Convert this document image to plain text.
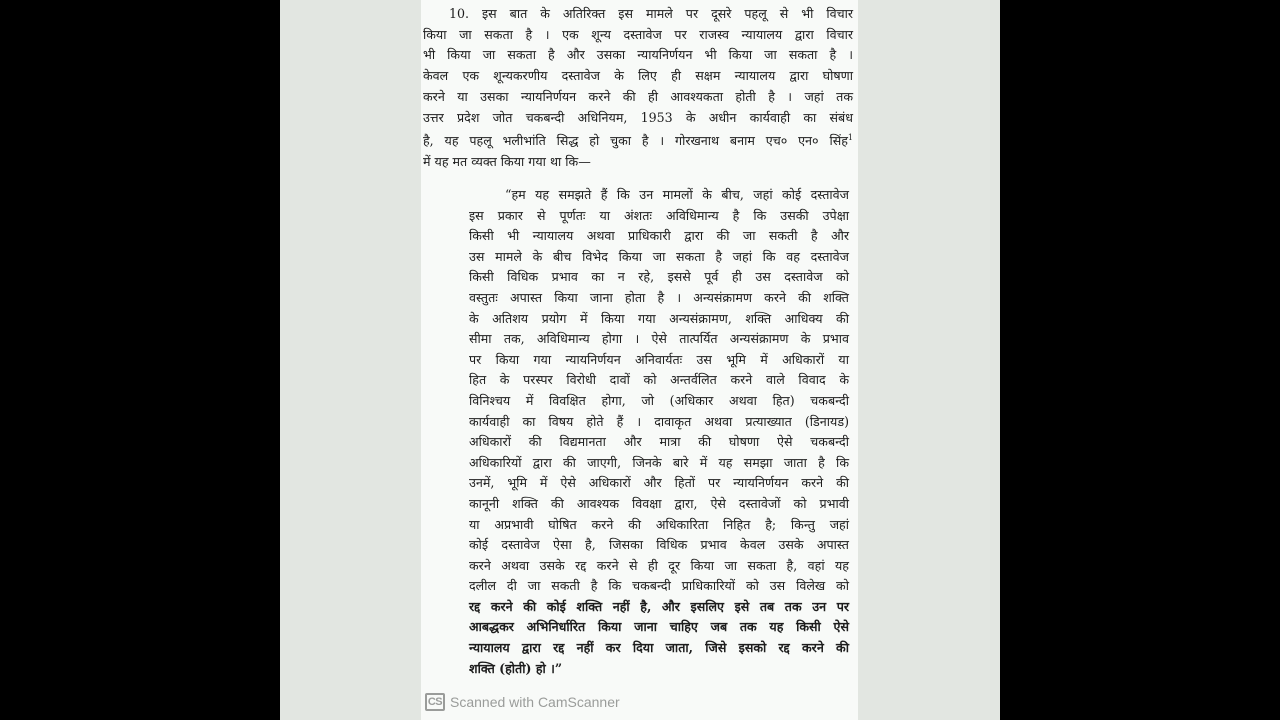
10. इस बात के अतिरिक्त इस मामले पर दूसरे पहलू से भी विचार
किया जा सकता है । एक शून्य दस्तावेज पर राजस्व न्यायालय द्वारा विचार
भी किया जा सकता है और उसका न्यायनिर्णयन भी किया जा सकता है ।
केवल एक शून्यकरणीय दस्तावेज के लिए ही सक्षम न्यायालय द्वारा घोषणा
करने या उसका न्यायनिर्णयन करने की ही आवश्यकता होती है । जहां तक
उत्तर प्रदेश जोत चकबन्दी अधिनियम, 1953 के अधीन कार्यवाही का संबंध
है, यह पहलू भलीभांति सिद्ध हो चुका है । गोरखनाथ बनाम एच० एन० सिंह$^1$
में यह मत व्यक्त किया गया था कि—
“हम यह समझते हैं कि उन मामलों के बीच, जहां कोई दस्तावेज
इस प्रकार से पूर्णतः या अंशतः अविधिमान्य है कि उसकी उपेक्षा
किसी भी न्यायालय अथवा प्राधिकारी द्वारा की जा सकती है और
उस मामले के बीच विभेद किया जा सकता है जहां कि वह दस्तावेज
किसी विधिक प्रभाव का न रहे, इससे पूर्व ही उस दस्तावेज को
वस्तुतः अपास्त किया जाना होता है । अन्यसंक्रामण करने की शक्ति
के अतिशय प्रयोग में किया गया अन्यसंक्रामण, शक्ति आधिक्य की
सीमा तक, अविधिमान्य होगा । ऐसे तात्पर्यित अन्यसंक्रामण के प्रभाव
पर किया गया न्यायनिर्णयन अनिवार्यतः उस भूमि में अधिकारों या
हित के परस्पर विरोधी दावों को अन्तर्वलित करने वाले विवाद के
विनिश्चय में विवक्षित होगा, जो (अधिकार अथवा हित) चकबन्दी
कार्यवाही का विषय होते हैं । दावाकृत अथवा प्रत्याख्यात (डिनायड)
अधिकारों की विद्यमानता और मात्रा की घोषणा ऐसे चकबन्दी
अधिकारियों द्वारा की जाएगी, जिनके बारे में यह समझा जाता है कि
उनमें, भूमि में ऐसे अधिकारों और हितों पर न्यायनिर्णयन करने की
कानूनी शक्ति की आवश्यक विवक्षा द्वारा, ऐसे दस्तावेजों को प्रभावी
या अप्रभावी घोषित करने की अधिकारिता निहित है; किन्तु जहां
कोई दस्तावेज ऐसा है, जिसका विधिक प्रभाव केवल उसके अपास्त
करने अथवा उसके रद्द करने से ही दूर किया जा सकता है, वहां यह
दलील दी जा सकती है कि चकबन्दी प्राधिकारियों को उस विलेख को
रद्द करने की कोई शक्ति नहीं है, और इसलिए इसे तब तक उन पर
आबद्धकर अभिनिर्धारित किया जाना चाहिए जब तक यह किसी ऐसे
न्यायालय द्वारा रद्द नहीं कर दिया जाता, जिसे इसको रद्द करने की
शक्ति (होती) हो ।”
CS Scanned with CamScanner
